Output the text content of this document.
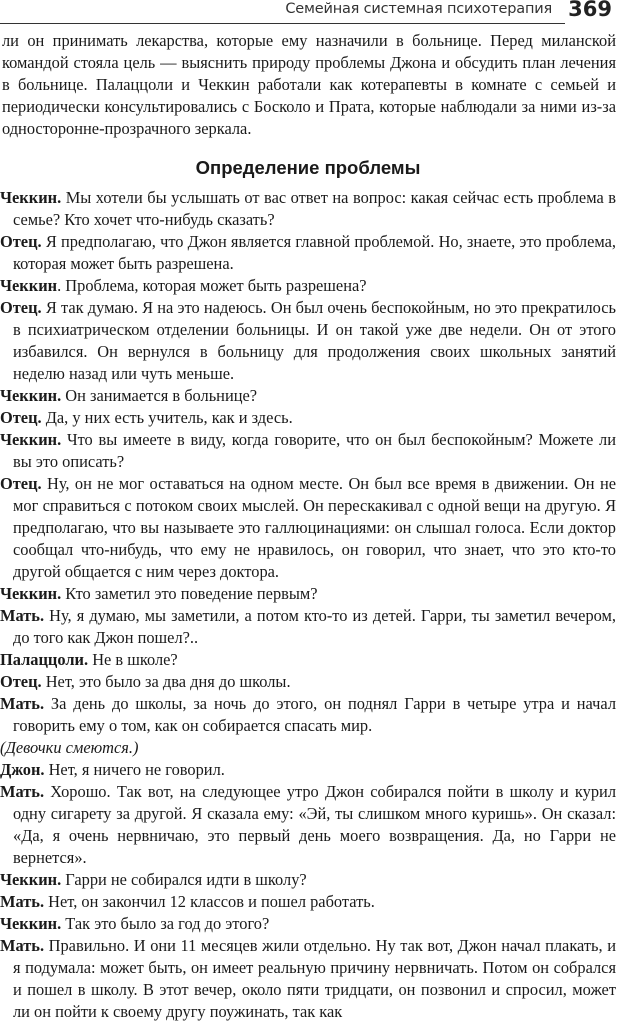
Семейная системная психотерапия 369

ли он принимать лекарства, которые ему назначили в больнице. Перед миланской командой стояла цель — выяснить природу проблемы Джона и обсудить план лечения в больнице. Палаццоли и Чеккин работали как котерапевты в комнате с семьей и периодически консультировались с Босколо и Прата, которые наблюдали за ними из-за односторонне-прозрачного зеркала.

Определение проблемы

Чеккин. Мы хотели бы услышать от вас ответ на вопрос: какая сейчас есть проблема в семье? Кто хочет что-нибудь сказать?

Отец. Я предполагаю, что Джон является главной проблемой. Но, знаете, это проблема, которая может быть разрешена.

Чеккин. Проблема, которая может быть разрешена?

Отец. Я так думаю. Я на это надеюсь. Он был очень беспокойным, но это прекратилось в психиатрическом отделении больницы. И он такой уже две недели. Он от этого избавился. Он вернулся в больницу для продолжения своих школьных занятий неделю назад или чуть меньше.

Чеккин. Он занимается в больнице?

Отец. Да, у них есть учитель, как и здесь.

Чеккин. Что вы имеете в виду, когда говорите, что он был беспокойным? Можете ли вы это описать?

Отец. Ну, он не мог оставаться на одном месте. Он был все время в движении. Он не мог справиться с потоком своих мыслей. Он перескакивал с одной вещи на другую. Я предполагаю, что вы называете это галлюцинациями: он слышал голоса. Если доктор сообщал что-нибудь, что ему не нравилось, он говорил, что знает, что это кто-то другой общается с ним через доктора.

Чеккин. Кто заметил это поведение первым?

Мать. Ну, я думаю, мы заметили, а потом кто-то из детей. Гарри, ты заметил вечером, до того как Джон пошел?..

Палаццоли. Не в школе?

Отец. Нет, это было за два дня до школы.

Мать. За день до школы, за ночь до этого, он поднял Гарри в четыре утра и начал говорить ему о том, как он собирается спасать мир.

(Девочки смеются.)

Джон. Нет, я ничего не говорил.

Мать. Хорошо. Так вот, на следующее утро Джон собирался пойти в школу и курил одну сигарету за другой. Я сказала ему: «Эй, ты слишком много куришь». Он сказал: «Да, я очень нервничаю, это первый день моего возвращения. Да, но Гарри не вернется».

Чеккин. Гарри не собирался идти в школу?

Мать. Нет, он закончил 12 классов и пошел работать.

Чеккин. Так это было за год до этого?

Мать. Правильно. И они 11 месяцев жили отдельно. Ну так вот, Джон начал плакать, и я подумала: может быть, он имеет реальную причину нервничать. Потом он собрался и пошел в школу. В этот вечер, около пяти тридцати, он позвонил и спросил, может ли он пойти к своему другу поужинать, так как
